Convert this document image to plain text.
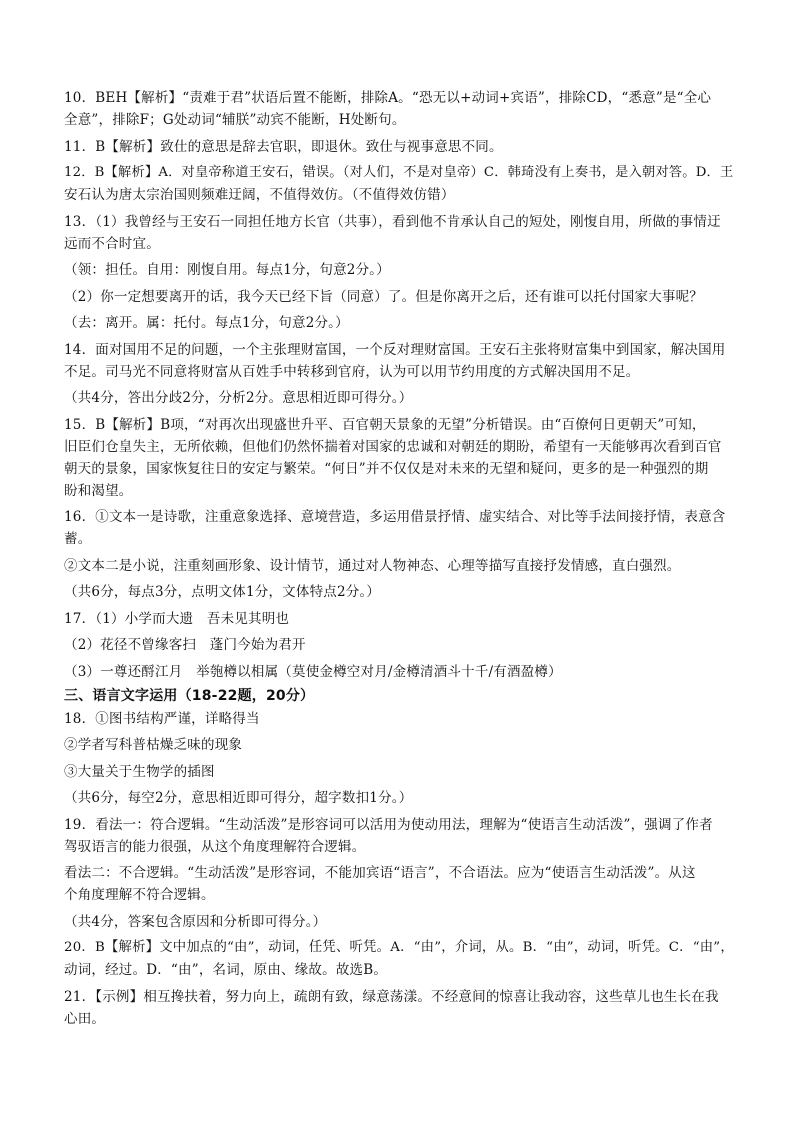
10．BEH【解析】“责难于君”状语后置不能断，排除A。“恐无以+动词+宾语”，排除CD，“悉意”是“全心
全意”，排除F；G处动词“辅朕”动宾不能断，H处断句。
11．B【解析】致仕的意思是辞去官职，即退休。致仕与视事意思不同。
12．B【解析】A．对皇帝称道王安石，错误。（对人们，不是对皇帝）C．韩琦没有上奏书，是入朝对答。D．王
安石认为唐太宗治国则频难迂阔，不值得效仿。（不值得效仿错）
13．（1）我曾经与王安石一同担任地方长官（共事），看到他不肯承认自己的短处，刚愎自用，所做的事情迂
远而不合时宜。
（领：担任。自用：刚愎自用。每点1分，句意2分。）
（2）你一定想要离开的话，我今天已经下旨（同意）了。但是你离开之后，还有谁可以托付国家大事呢？
（去：离开。属：托付。每点1分，句意2分。）
14．面对国用不足的问题，一个主张理财富国，一个反对理财富国。王安石主张将财富集中到国家，解决国用
不足。司马光不同意将财富从百姓手中转移到官府，认为可以用节约用度的方式解决国用不足。
（共4分，答出分歧2分，分析2分。意思相近即可得分。）
15．B【解析】B项，“对再次出现盛世升平、百官朝天景象的无望”分析错误。由“百僚何日更朝天”可知，
旧臣们仓皇失主，无所依赖，但他们仍然怀揣着对国家的忠诚和对朝廷的期盼，希望有一天能够再次看到百官
朝天的景象，国家恢复往日的安定与繁荣。“何日”并不仅仅是对未来的无望和疑问，更多的是一种强烈的期
盼和渴望。
16．①文本一是诗歌，注重意象选择、意境营造，多运用借景抒情、虚实结合、对比等手法间接抒情，表意含
蓄。
②文本二是小说，注重刻画形象、设计情节，通过对人物神态、心理等描写直接抒发情感，直白强烈。
（共6分，每点3分，点明文体1分，文体特点2分。）
17．（1）小学而大遗　吾未见其明也
（2）花径不曾缘客扫　蓬门今始为君开
（3）一尊还酹江月　举匏樽以相属（莫使金樽空对月/金樽清酒斗十千/有酒盈樽）
三、语言文字运用（18-22题，20分）
18．①图书结构严谨，详略得当
②学者写科普枯燥乏味的现象
③大量关于生物学的插图
（共6分，每空2分，意思相近即可得分，超字数扣1分。）
19．看法一：符合逻辑。“生动活泼”是形容词可以活用为使动用法，理解为“使语言生动活泼”，强调了作者
驾驭语言的能力很强，从这个角度理解符合逻辑。
看法二：不合逻辑。“生动活泼”是形容词，不能加宾语“语言”，不合语法。应为“使语言生动活泼”。从这
个角度理解不符合逻辑。
（共4分，答案包含原因和分析即可得分。）
20．B【解析】文中加点的“由”，动词，任凭、听凭。A．“由”，介词，从。B．“由”，动词，听凭。C．“由”，
动词，经过。D．“由”，名词，原由、缘故。故选B。
21．【示例】相互搀扶着，努力向上，疏朗有致，绿意荡漾。不经意间的惊喜让我动容，这些草儿也生长在我
心田。
